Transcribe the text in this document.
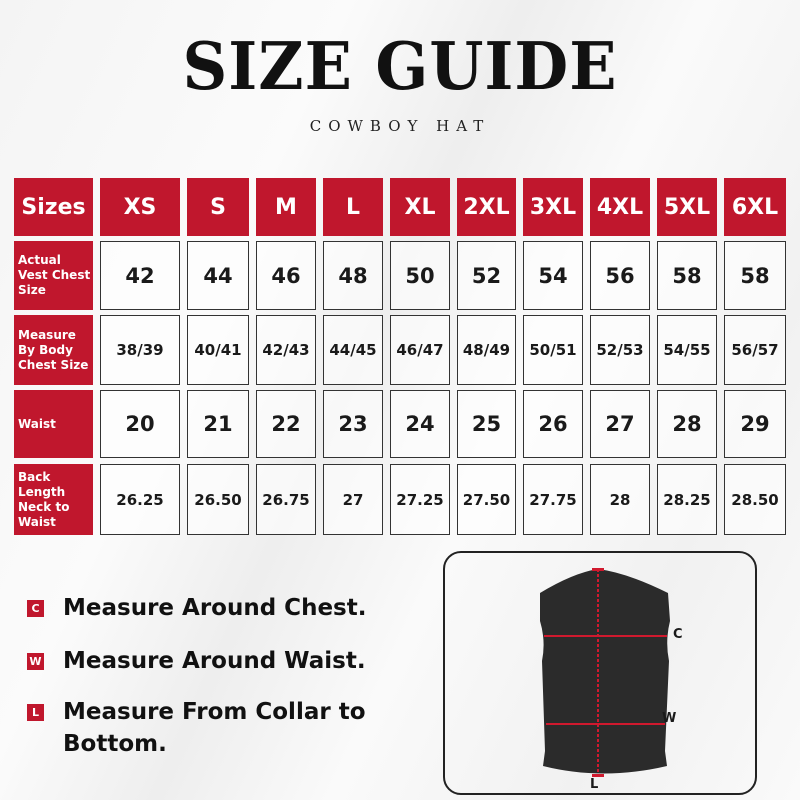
SIZE GUIDE
COWBOY HAT
Sizes	XS	S	M	L	XL	2XL 3XL 4XL 5XL 6XL
Actual Vest Chest Size
42	44	46	48	50	52	54	56	58	58
Measure By Body Chest Size
38/39	40/41	42/43	44/45	46/47	48/49	50/51	52/53	54/55	56/57
Waist	20	21	22	23	24	25	26	27	28	29
Back Length Neck to Waist
26.25	26.50	26.75	27	27.25	27.50	27.75	28	28.25	28.50
C Measure Around Chest.
W Measure Around Waist.
L Measure From Collar to Bottom.
C
W
L
